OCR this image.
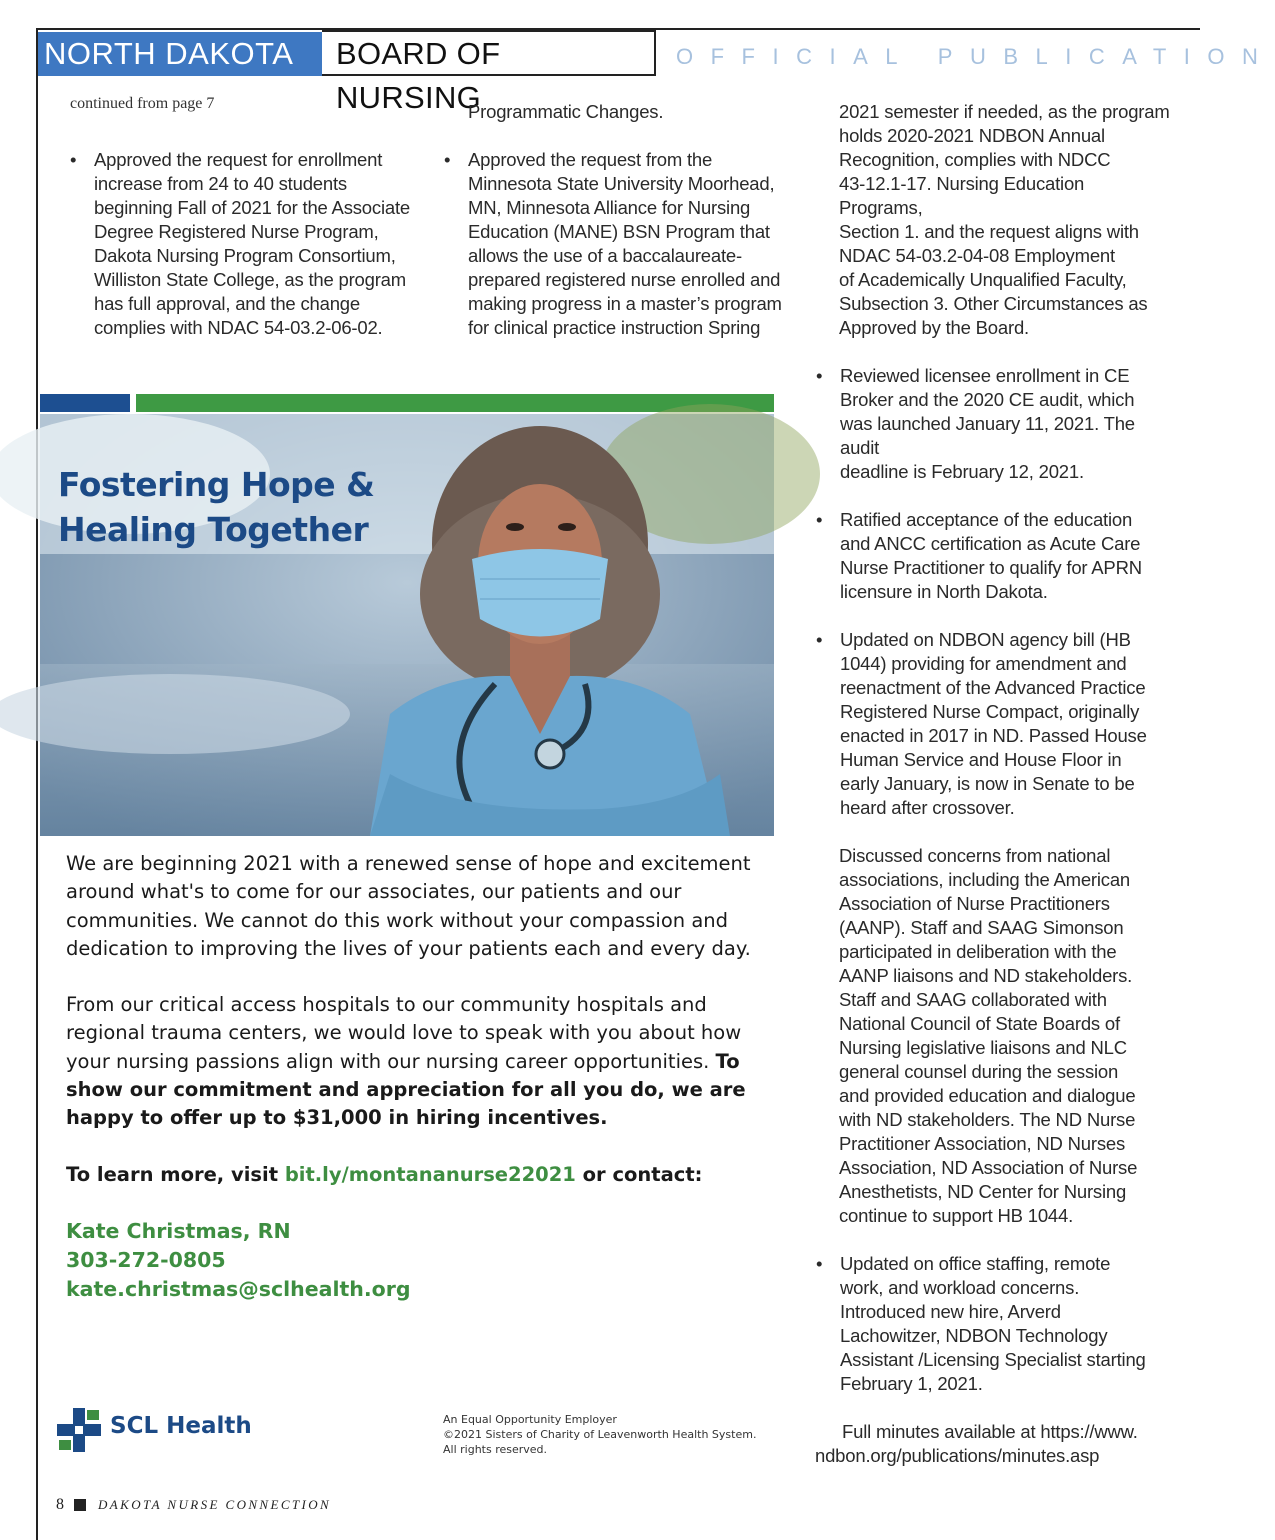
NORTH DAKOTA	BOARD OF NURSING
OFFICIAL PUBLICATION
continued from page 7
• Approved the request for enrollment
increase from 24 to 40 students
beginning Fall of 2021 for the Associate
Degree Registered Nurse Program,
Dakota Nursing Program Consortium,
Williston State College, as the program
has full approval, and the change
complies with NDAC 54-03.2-06-02.

Programmatic Changes.

• Approved the request from the
Minnesota State University Moorhead,
MN, Minnesota Alliance for Nursing
Education (MANE) BSN Program that
allows the use of a baccalaureate-
prepared registered nurse enrolled and
making progress in a master’s program
for clinical practice instruction Spring

2021 semester if needed, as the program
holds 2020-2021 NDBON Annual
Recognition, complies with NDCC
43-12.1-17. Nursing Education Programs,
Section 1. and the request aligns with
NDAC 54-03.2-04-08 Employment
of Academically Unqualified Faculty,
Subsection 3. Other Circumstances as
Approved by the Board.

• Reviewed licensee enrollment in CE
Broker and the 2020 CE audit, which
was launched January 11, 2021. The audit
deadline is February 12, 2021.
• Ratified acceptance of the education
and ANCC certification as Acute Care
Nurse Practitioner to qualify for APRN
licensure in North Dakota.
• Updated on NDBON agency bill (HB
1044) providing for amendment and
reenactment of the Advanced Practice
Registered Nurse Compact, originally
enacted in 2017 in ND. Passed House
Human Service and House Floor in
early January, is now in Senate to be
heard after crossover.

Discussed concerns from national
associations, including the American
Association of Nurse Practitioners
(AANP). Staff and SAAG Simonson
participated in deliberation with the
AANP liaisons and ND stakeholders.
Staff and SAAG collaborated with
National Council of State Boards of
Nursing legislative liaisons and NLC
general counsel during the session
and provided education and dialogue
with ND stakeholders. The ND Nurse
Practitioner Association, ND Nurses
Association, ND Association of Nurse
Anesthetists, ND Center for Nursing
continue to support HB 1044.

• Updated on office staffing, remote
work, and workload concerns.
Introduced new hire, Arverd
Lachowitzer, NDBON Technology
Assistant /Licensing Specialist starting
February 1, 2021.

Full minutes available at https://www.

ndbon.org/publications/minutes.asp

Fostering Hope &
Healing Together

We are beginning 2021 with a renewed sense of hope and excitement around what's to come for our associates, our patients and our communities. We cannot do this work without your compassion and dedication to improving the lives of your patients each and every day.

From our critical access hospitals to our community hospitals and regional trauma centers, we would love to speak with you about how your nursing passions align with our nursing career opportunities. To show our commitment and appreciation for all you do, we are happy to offer up to $31,000 in hiring incentives.

To learn more, visit bit.ly/montananurse22021 or contact:

Kate Christmas, RN
303-272-0805
kate.christmas@sclhealth.org
SCL Health	An Equal Opportunity Employer
©2021 Sisters of Charity of Leavenworth Health System.
All rights reserved.
8	DAKOTA NURSE CONNECTION
